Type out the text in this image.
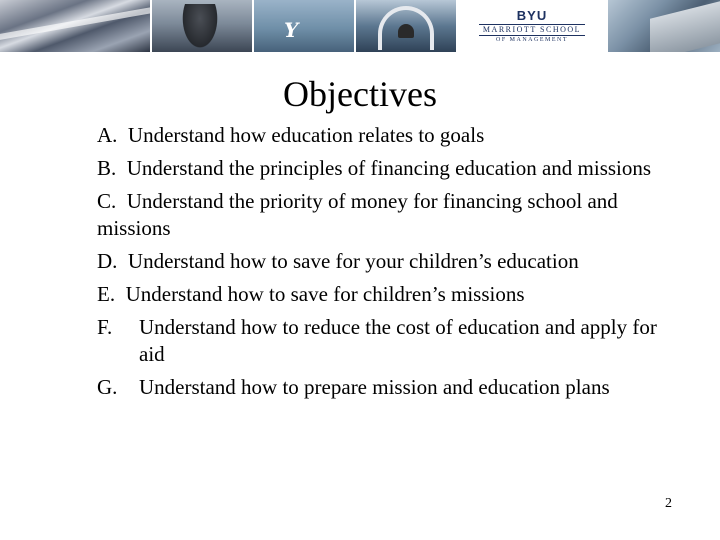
Y
BYU
MARRIOTT SCHOOL
OF MANAGEMENT
Objectives
A.  Understand how education relates to goals
B.  Understand the principles of financing education and missions
C.  Understand the priority of money for financing school and missions
D.  Understand how to save for your children’s education
E.  Understand how to save for children’s missions
F.	Understand how to reduce the cost of education and apply for aid
G.	Understand how to prepare mission and education plans
2
